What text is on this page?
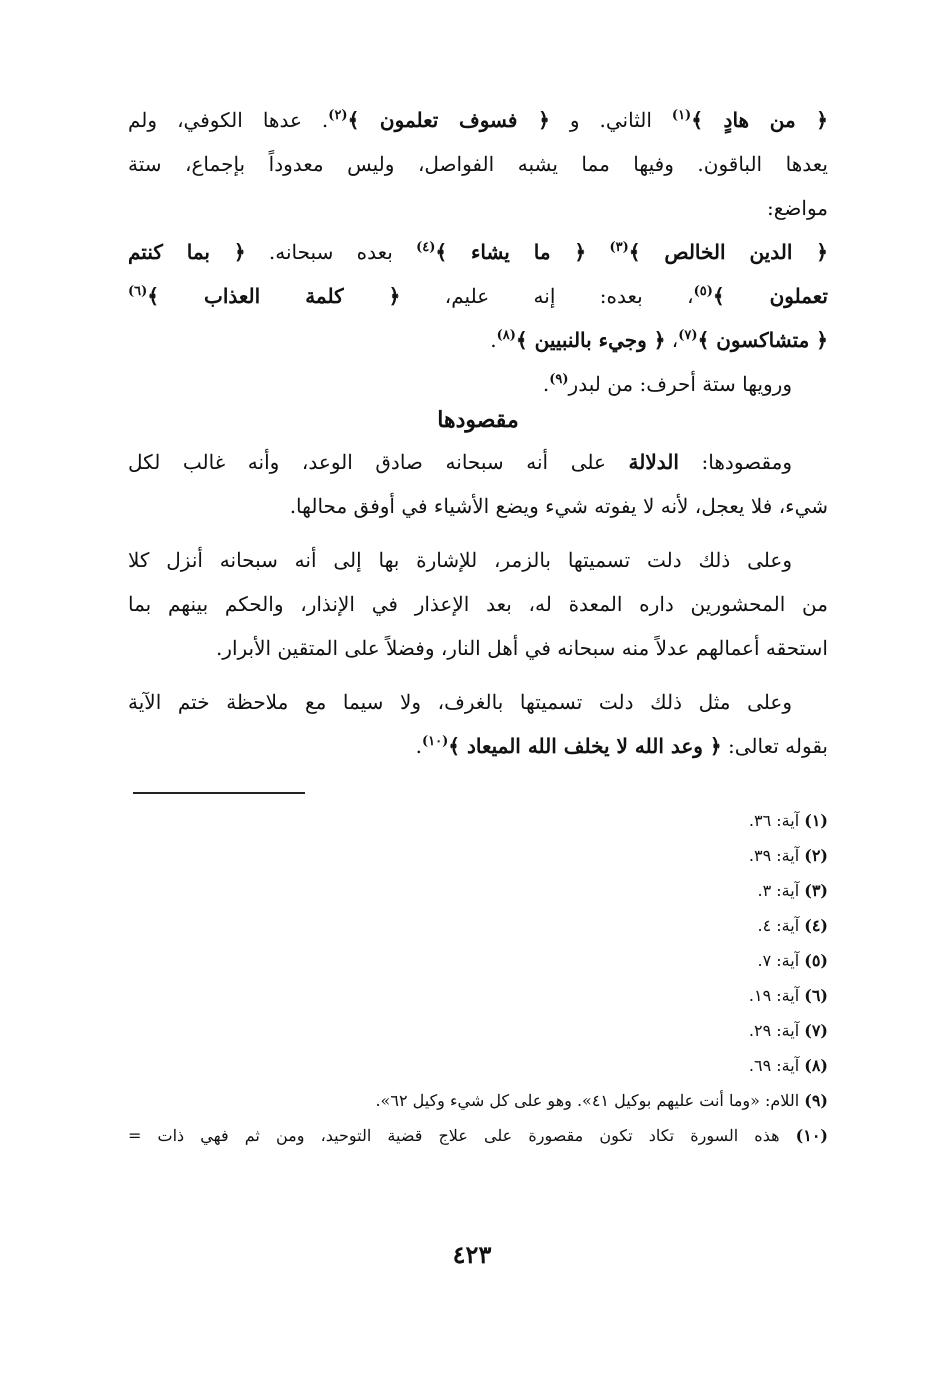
﴿ من هادٍ ﴾$^{(١)}$ الثاني. و ﴿ فسوف تعلمون ﴾$^{(٢)}$. عدها الكوفي، ولم
يعدها الباقون. وفيها مما يشبه الفواصل، وليس معدوداً بإجماع، ستة
مواضع:
﴿ الدين الخالص ﴾$^{(٣)}$ ﴿ ما يشاء ﴾$^{(٤)}$ بعده سبحانه. ﴿ بما كنتم
تعملون ﴾$^{(٥)}$، بعده: إنه عليم، ﴿ كلمة العذاب ﴾$^{(٦)}$
﴿ متشاكسون ﴾$^{(٧)}$، ﴿ وجيء بالنبيين ﴾$^{(٨)}$.
ورويها ستة أحرف: من لبدر$^{(٩)}$.
مقصودها
ومقصودها: الدلالة على أنه سبحانه صادق الوعد، وأنه غالب لكل
شيء، فلا يعجل، لأنه لا يفوته شيء ويضع الأشياء في أوفق محالها.
وعلى ذلك دلت تسميتها بالزمر، للإشارة بها إلى أنه سبحانه أنزل كلا
من المحشورين داره المعدة له، بعد الإعذار في الإنذار، والحكم بينهم بما
استحقه أعمالهم عدلاً منه سبحانه في أهل النار، وفضلاً على المتقين الأبرار.
وعلى مثل ذلك دلت تسميتها بالغرف، ولا سيما مع ملاحظة ختم الآية
بقوله تعالى: ﴿ وعد الله لا يخلف الله الميعاد ﴾$^{(١٠)}$.
(١) آية: ٣٦.
(٢) آية: ٣٩.
(٣) آية: ٣.
(٤) آية: ٤.
(٥) آية: ٧.
(٦) آية: ١٩.
(٧) آية: ٢٩.
(٨) آية: ٦٩.
(٩) اللام: «وما أنت عليهم بوكيل ٤١». وهو على كل شيء وكيل ٦٢».
(١٠) هذه السورة تكاد تكون مقصورة على علاج قضية التوحيد، ومن ثم فهي ذات =
٤٢٣
